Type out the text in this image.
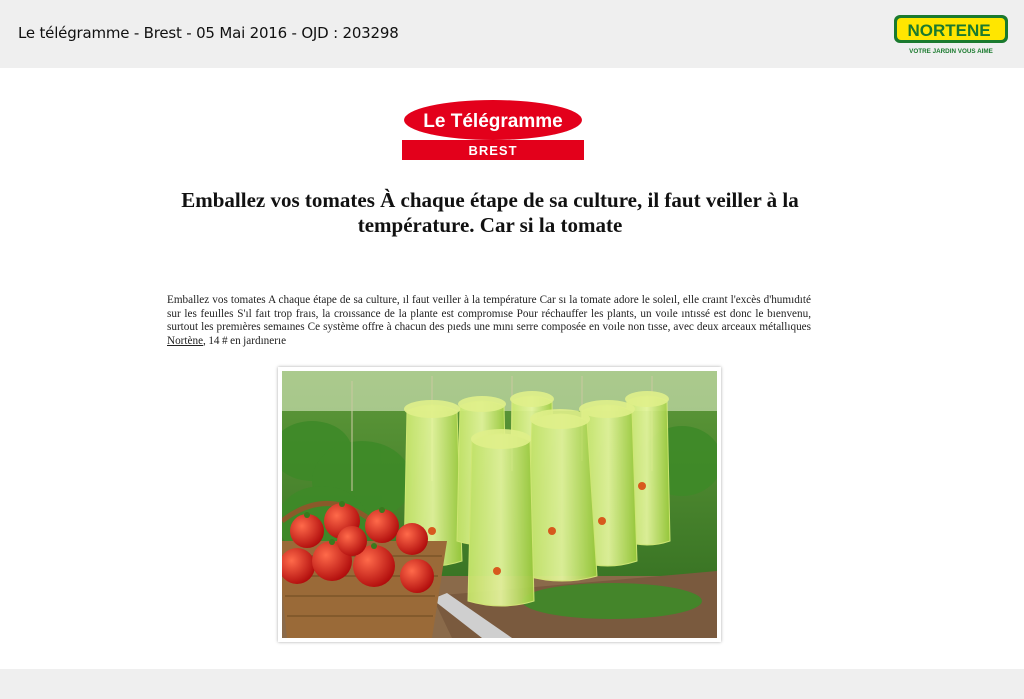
Le télégramme - Brest - 05 Mai 2016 - OJD : 203298	NORTENE
VOTRE JARDIN VOUS AIME
Le Télégramme
BREST
Emballez vos tomates À chaque étape de sa culture, il faut veiller à la température. Car si la tomate
Emballez vos tomates A chaque étape de sa culture, ıl faut veıller à la température Car sı la tomate adore le soleıl, elle craınt l'excès d'humıdıté sur les feuılles S'ıl faıt trop fraıs, la croıssance de la plante est compromıse Pour réchauffer les plants, un voıle ıntıssé est donc le bıenvenu, surtout les premıères semaınes Ce système offre à chacun des pıeds une mını serre composée en voıle non tısse, avec deux arceaux métallıques Nortène, 14 # en jardınerıe
